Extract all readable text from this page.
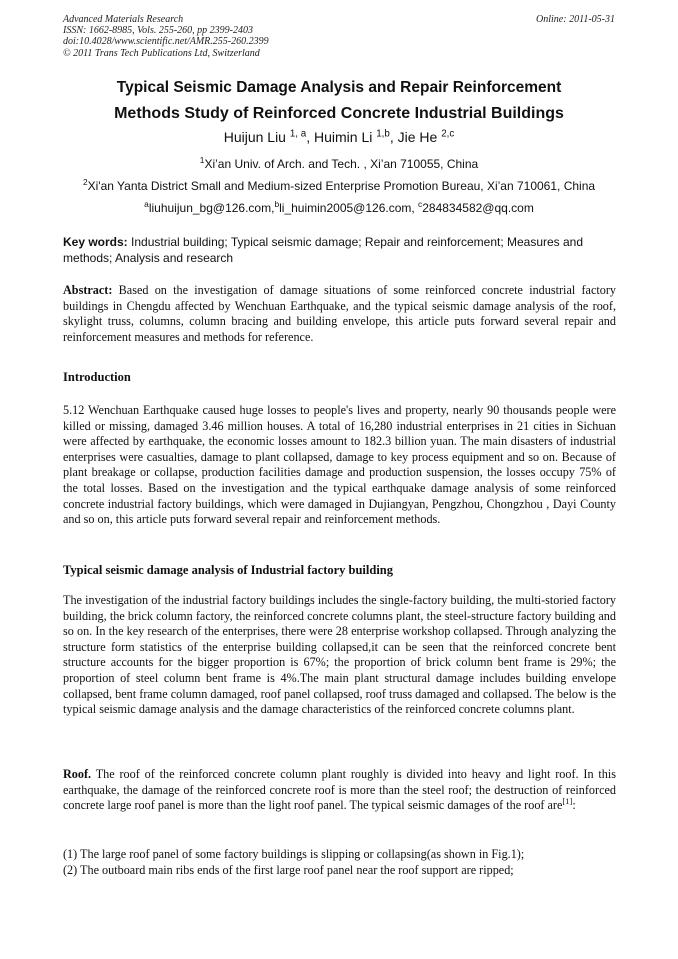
Advanced Materials Research
ISSN: 1662-8985, Vols. 255-260, pp 2399-2403
doi:10.4028/www.scientific.net/AMR.255-260.2399
© 2011 Trans Tech Publications Ltd, Switzerland
Online: 2011-05-31
Typical Seismic Damage Analysis and Repair Reinforcement
Methods Study of Reinforced Concrete Industrial Buildings
Huijun Liu $^{1, a}$, Huimin Li $^{1,b}$, Jie He $^{2,c}$
$^1$Xi’an Univ. of Arch. and Tech. , Xi’an 710055, China
$^2$Xi'an Yanta District Small and Medium-sized Enterprise Promotion Bureau, Xi’an 710061, China
$^a$liuhuijun_bg@126.com,$^b$li_huimin2005@126.com, $^c$284834582@qq.com
Key words: Industrial building; Typical seismic damage; Repair and reinforcement; Measures and methods; Analysis and research
Abstract: Based on the investigation of damage situations of some reinforced concrete industrial factory buildings in Chengdu affected by Wenchuan Earthquake, and the typical seismic damage analysis of the roof, skylight truss, columns, column bracing and building envelope, this article puts forward several repair and reinforcement measures and methods for reference.
Introduction
5.12 Wenchuan Earthquake caused huge losses to people's lives and property, nearly 90 thousands people were killed or missing, damaged 3.46 million houses. A total of 16,280 industrial enterprises in 21 cities in Sichuan were affected by earthquake, the economic losses amount to 182.3 billion yuan. The main disasters of industrial enterprises were casualties, damage to plant collapsed, damage to key process equipment and so on. Because of plant breakage or collapse, production facilities damage and production suspension, the losses occupy 75% of the total losses. Based on the investigation and the typical earthquake damage analysis of some reinforced concrete industrial factory buildings, which were damaged in Dujiangyan, Pengzhou, Chongzhou , Dayi County and so on, this article puts forward several repair and reinforcement methods.
Typical seismic damage analysis of Industrial factory building
The investigation of the industrial factory buildings includes the single-factory building, the multi-storied factory building, the brick column factory, the reinforced concrete columns plant, the steel-structure factory building and so on. In the key research of the enterprises, there were 28 enterprise workshop collapsed. Through analyzing the structure form statistics of the enterprise building collapsed,it can be seen that the reinforced concrete bent structure accounts for the bigger proportion is 67%; the proportion of brick column bent frame is 29%; the proportion of steel column bent frame is 4%.The main plant structural damage includes building envelope collapsed, bent frame column damaged, roof panel collapsed, roof truss damaged and collapsed. The below is the typical seismic damage analysis and the damage characteristics of the reinforced concrete columns plant.
Roof. The roof of the reinforced concrete column plant roughly is divided into heavy and light roof. In this earthquake, the damage of the reinforced concrete roof is more than the steel roof; the destruction of reinforced concrete large roof panel is more than the light roof panel. The typical seismic damages of the roof are[1]:
(1) The large roof panel of some factory buildings is slipping or collapsing(as shown in Fig.1);
(2) The outboard main ribs ends of the first large roof panel near the roof support are ripped;
